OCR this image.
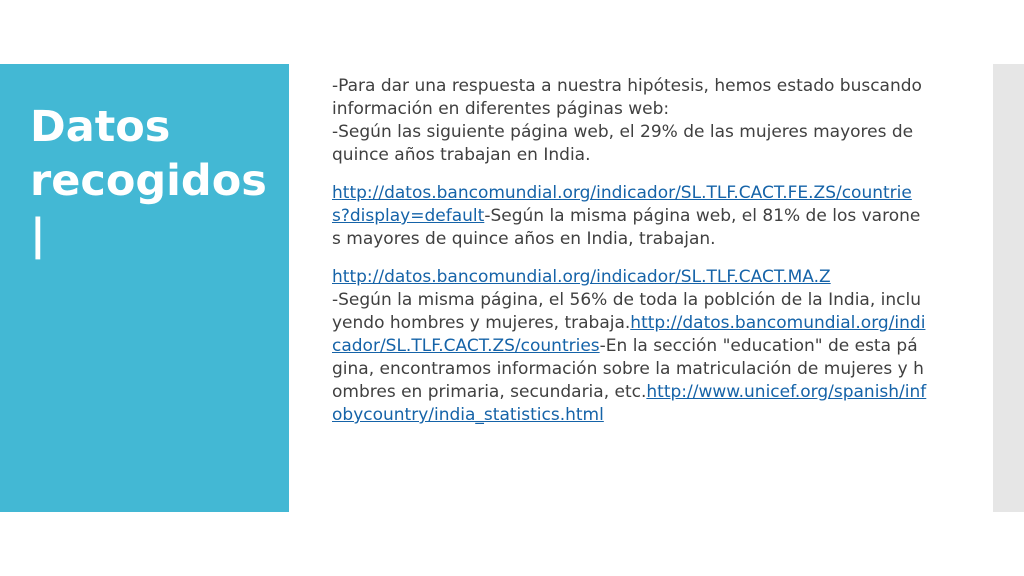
Datos recogidos
|

-Para dar una respuesta a nuestra hipótesis, hemos estado buscando información en diferentes páginas web:
-Según las siguiente página web, el 29% de las mujeres mayores de quince años trabajan en India.

http://datos.bancomundial.org/indicador/SL.TLF.CACT.FE.ZS/countries?display=default-Según la misma página web, el 81% de los varones mayores de quince años en India, trabajan.

http://datos.bancomundial.org/indicador/SL.TLF.CACT.MA.Z
-Según la misma página, el 56% de toda la poblción de la India, incluyendo hombres y mujeres, trabaja.http://datos.bancomundial.org/indicador/SL.TLF.CACT.ZS/countries-En la sección "education" de esta página, encontramos información sobre la matriculación de mujeres y hombres en primaria, secundaria, etc.http://www.unicef.org/spanish/infobycountry/india_statistics.html
